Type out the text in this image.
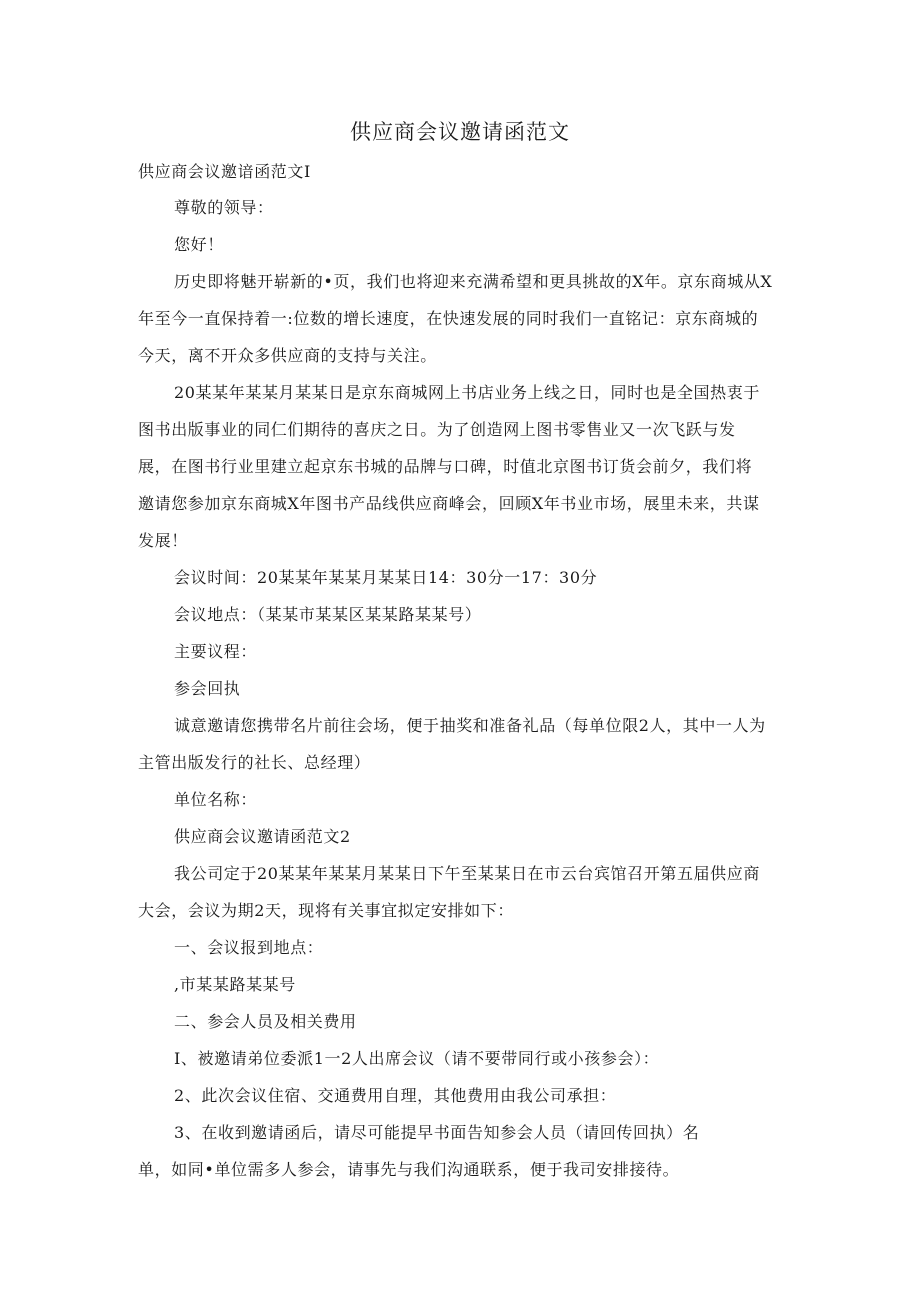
供应商会议邀请函范文

供应商会议邀谙函范文I

尊敬的领导：

您好！

历史即将魅开崭新的•页，我们也将迎来充满希望和更具挑故的X年。京东商城从X

年至今一直保持着一:位数的增长速度，在快速发展的同时我们一直铭记：京东商城的

今天，离不开众多供应商的支持与关注。

20某某年某某月某某日是京东商城网上书店业务上线之日，同时也是全国热衷于

图书出版事业的同仁们期待的喜庆之日。为了创造网上图书零售业又一次飞跃与发

展，在图书行业里建立起京东书城的品牌与口碑，时值北京图书订货会前夕，我们将

邀请您参加京东商城X年图书产品线供应商峰会，回顾X年书业市场，展里未来，共谋

发展！

会议时间：20某某年某某月某某日14：30分一17：30分

会议地点：（某某市某某区某某路某某号）

主要议程：

参会回执

诚意邀请您携带名片前往会场，便于抽奖和准备礼品（每单位限2人，其中一人为

主管出版发行的社长、总经理）

单位名称：

供应商会议邀请函范文2

我公司定于20某某年某某月某某日下午至某某日在市云台宾馆召开第五届供应商

大会，会议为期2天，现将有关事宜拟定安排如下：

一、会议报到地点：

,市某某路某某号

二、参会人员及相关费用

I、被邀请弟位委派1一2人出席会议（请不要带同行或小孩参会）：

2、此次会议住宿、交通费用自理，其他费用由我公司承担：

3、在收到邀请函后，请尽可能提早书面告知参会人员（请回传回执）名

单，如同•单位需多人参会，请事先与我们沟通联系，便于我司安排接待。
